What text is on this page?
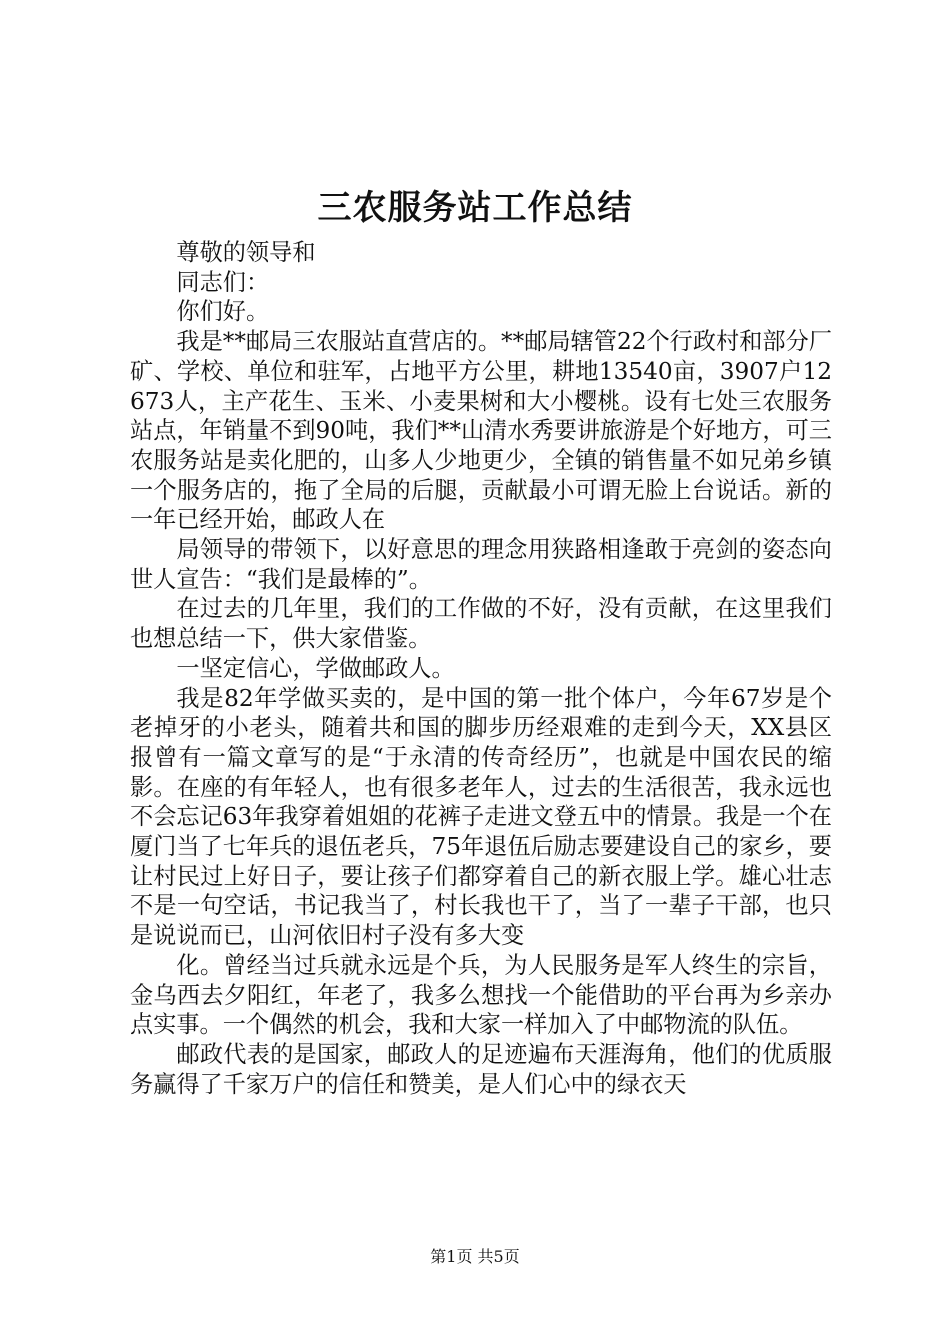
三农服务站工作总结

尊敬的领导和

同志们：

你们好。

我是**邮局三农服站直营店的。**邮局辖管22个行政村和部分厂矿、学校、单位和驻军，占地平方公里，耕地13540亩，3907户12673人，主产花生、玉米、小麦果树和大小樱桃。设有七处三农服务站点，年销量不到90吨，我们**山清水秀要讲旅游是个好地方，可三农服务站是卖化肥的，山多人少地更少，全镇的销售量不如兄弟乡镇一个服务店的，拖了全局的后腿，贡献最小可谓无脸上台说话。新的一年已经开始，邮政人在

局领导的带领下，以好意思的理念用狭路相逢敢于亮剑的姿态向世人宣告：“我们是最棒的”。

在过去的几年里，我们的工作做的不好，没有贡献，在这里我们也想总结一下，供大家借鉴。

一坚定信心，学做邮政人。

我是82年学做买卖的，是中国的第一批个体户，今年67岁是个老掉牙的小老头，随着共和国的脚步历经艰难的走到今天，XX县区报曾有一篇文章写的是“于永清的传奇经历”，也就是中国农民的缩影。在座的有年轻人，也有很多老年人，过去的生活很苦，我永远也不会忘记63年我穿着姐姐的花裤子走进文登五中的情景。我是一个在厦门当了七年兵的退伍老兵，75年退伍后励志要建设自己的家乡，要让村民过上好日子，要让孩子们都穿着自己的新衣服上学。雄心壮志不是一句空话，书记我当了，村长我也干了，当了一辈子干部，也只是说说而已，山河依旧村子没有多大变

化。曾经当过兵就永远是个兵，为人民服务是军人终生的宗旨，金乌西去夕阳红，年老了，我多么想找一个能借助的平台再为乡亲办点实事。一个偶然的机会，我和大家一样加入了中邮物流的队伍。

邮政代表的是国家，邮政人的足迹遍布天涯海角，他们的优质服务赢得了千家万户的信任和赞美，是人们心中的绿衣天

第1页 共5页
